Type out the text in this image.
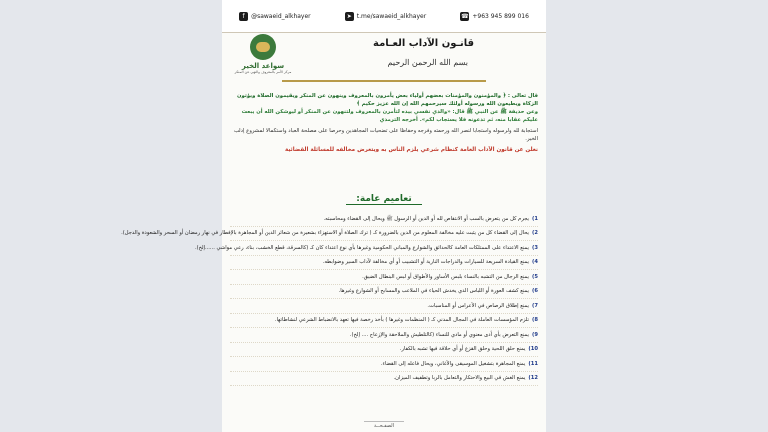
☎ +963 945 899 016
➤ t.me/sawaeid_alkhayer
f	@sawaeid_alkhayer
سواعد الخير
مركز الأمر بالمعروف والنهي عن المنكر
قانـون الآداب العـامة
بسم الله الرحمن الرحيم
قال تعالى : ﴿ والمؤمنون والمؤمنات بعضهم أولياء بعض يأمرون بالمعروف وينهون عن المنكر ويقيمون الصلاة ويؤتون الزكاة ويطيعون الله ورسوله أولئك سيرحمهم الله إن الله عزيز حكيم ﴾
وعن حذيفة ﷺ عن النبي ﷺ قال: «والذي نفسي بيده لتأمرن بالمعروف ولتنهون عن المنكر أو ليوشكن الله أن يبعث عليكم عقابا منه، ثم تدعونه فلا يستجاب لكم». أخرجه الترمذي
استجابة لله ولرسوله واستجابا لنصر الله ورحمته وفرجه وحفاظا على تضحيات المجاهدين وحرصا على مصلحة العباد واستكمالا لمشروع إدلب الخير.
نعلن عن قانون الآداب العامة كنظام شرعي يلزم الناس به ويتعرض مخالفه للمسائلة القضائية
تعاميم عامة:
1)
يجرم كل من يتعرض بالسب أو الانتقاص لله أو الدين أو الرسول ﷺ ويحال إلى القضاء ومحاسبته.
2)
يحال إلى القضاء كل من يثبت عليه مخالفة المعلوم من الدين بالضرورة كـ ( ترك الصلاة أو الاستهزاء بشعيرة من شعائر الدين أو المجاهرة بالإفطار في نهار رمضان أو السحر والشعوذة والدجل).
3)
يمنع الاعتداء على الممتلكات العامة كالحدائق والشوارع والمباني الحكومية وغيرها بأي نوع اعتداء كان كـ (كالسرقة، قطع الخشب، بناء، رعي مواشي ......إلخ).
4)
يمنع القيادة السريعة للسيارات والدراجات النارية أو التشبيب أو أي مخالفة لآداب السير وضوابطه.
5)
يمنع الرجال من التشبه بالنساء بلبس الأساور والأطواق أو لبس البنطال الضيق.
6)
يمنع كشف العورة أو اللباس الذي يخدش الحياء في الملاعب والمسابح أو الشوارع وغيرها.
7)
يمنع إطلاق الرصاص في الأعراس أو المناسبات.
8)
تلزم المؤسسات العاملة في المجال المدني كـ ( المنظمات وغيرها ) بأخذ رخصة فيها تعهد بالانضباط الشرعي لنشاطاتها.
9)
يمنع التعرض بأي أذى معنوي أو مادي للنساء (كالتلطيش والملاحقة والإزعاج .... إلخ).
10)
يمنع حلق اللحية وحلق القزع أو أي حلاقة فيها تشبه بالكفار.
11)
يمنع المجاهرة بتشغيل الموسيقى والأغاني، ويحال فاعله إلى القضاء.
12)
يمنع الغش في البيع والاحتكار والتعامل بالربا وتطفيف الميزان.
الصفـحــة
